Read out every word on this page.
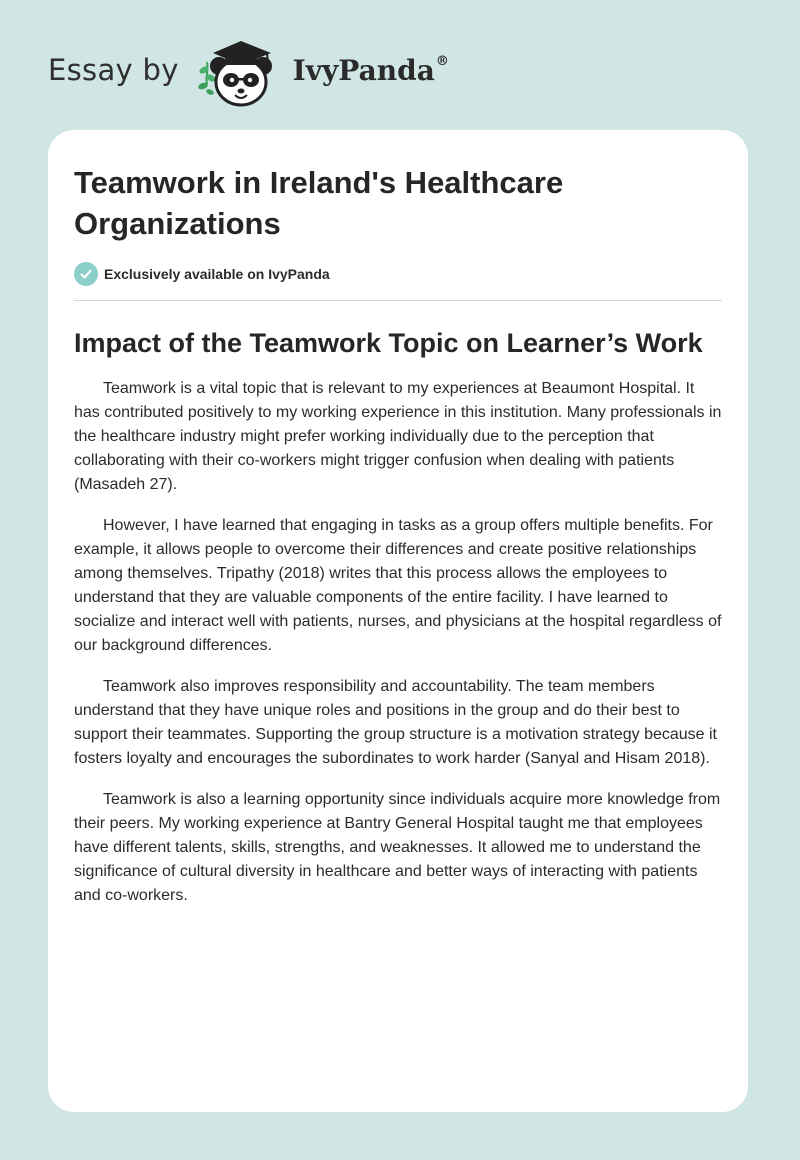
Essay by	IvyPanda®
Teamwork in Ireland's Healthcare Organizations
Exclusively available on IvyPanda
Impact of the Teamwork Topic on Learner’s Work

Teamwork is a vital topic that is relevant to my experiences at Beaumont Hospital. It has contributed positively to my working experience in this institution. Many professionals in the healthcare industry might prefer working individually due to the perception that collaborating with their co-workers might trigger confusion when dealing with patients (Masadeh 27).

However, I have learned that engaging in tasks as a group offers multiple benefits. For example, it allows people to overcome their differences and create positive relationships among themselves. Tripathy (2018) writes that this process allows the employees to understand that they are valuable components of the entire facility. I have learned to socialize and interact well with patients, nurses, and physicians at the hospital regardless of our background differences.

Teamwork also improves responsibility and accountability. The team members understand that they have unique roles and positions in the group and do their best to support their teammates. Supporting the group structure is a motivation strategy because it fosters loyalty and encourages the subordinates to work harder (Sanyal and Hisam 2018).

Teamwork is also a learning opportunity since individuals acquire more knowledge from their peers. My working experience at Bantry General Hospital taught me that employees have different talents, skills, strengths, and weaknesses. It allowed me to understand the significance of cultural diversity in healthcare and better ways of interacting with patients and co-workers.
